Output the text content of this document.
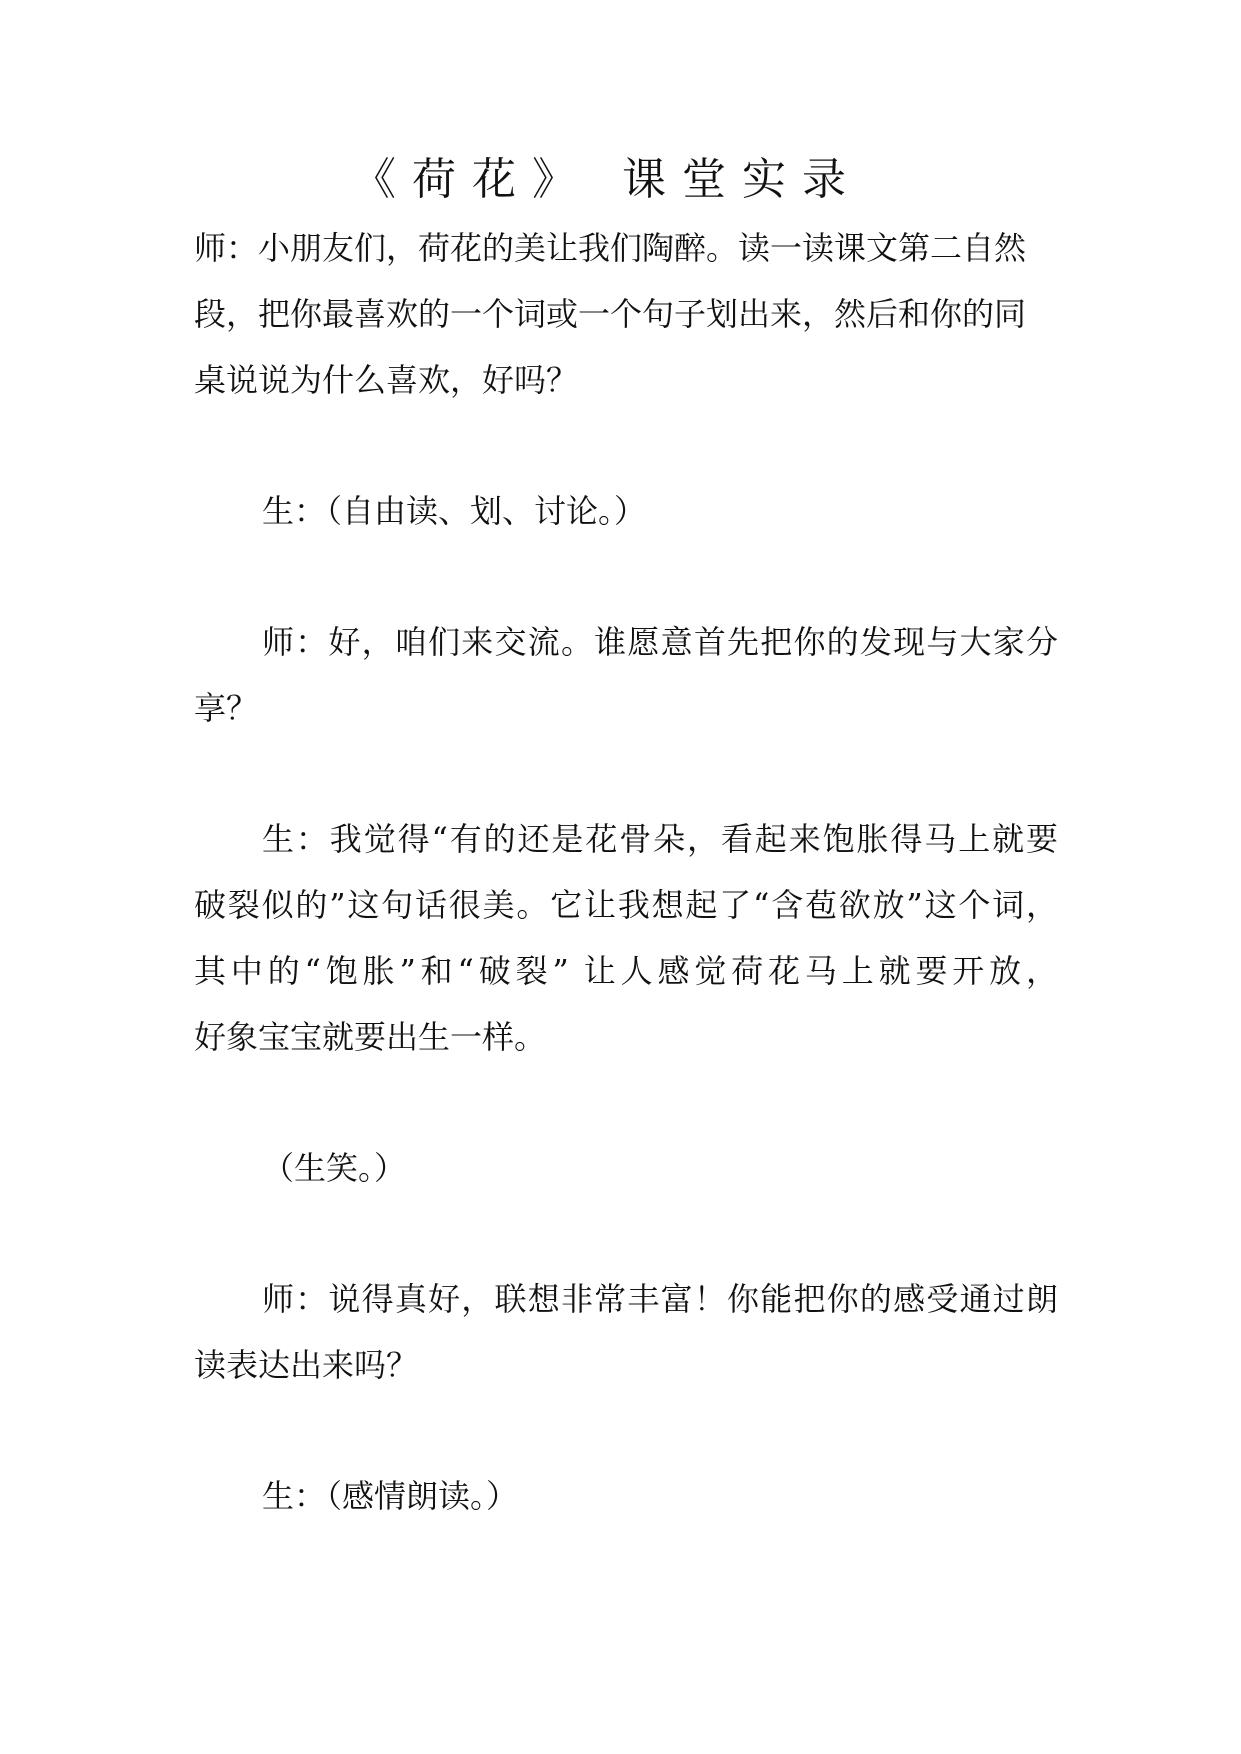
《荷花》 课堂实录
师：小朋友们，荷花的美让我们陶醉。读一读课文第二自然
段，把你最喜欢的一个词或一个句子划出来，然后和你的同
桌说说为什么喜欢，好吗？
生：（自由读、划、讨论。）
师：好，咱们来交流。谁愿意首先把你的发现与大家分
享？
生：我觉得“有的还是花骨朵，看起来饱胀得马上就要
破裂似的”这句话很美。它让我想起了“含苞欲放”这个词，
其中的“饱胀”和“破裂” 让人感觉荷花马上就要开放，
好象宝宝就要出生一样。
（生笑。）
师：说得真好，联想非常丰富！你能把你的感受通过朗
读表达出来吗？
生：（感情朗读。）
